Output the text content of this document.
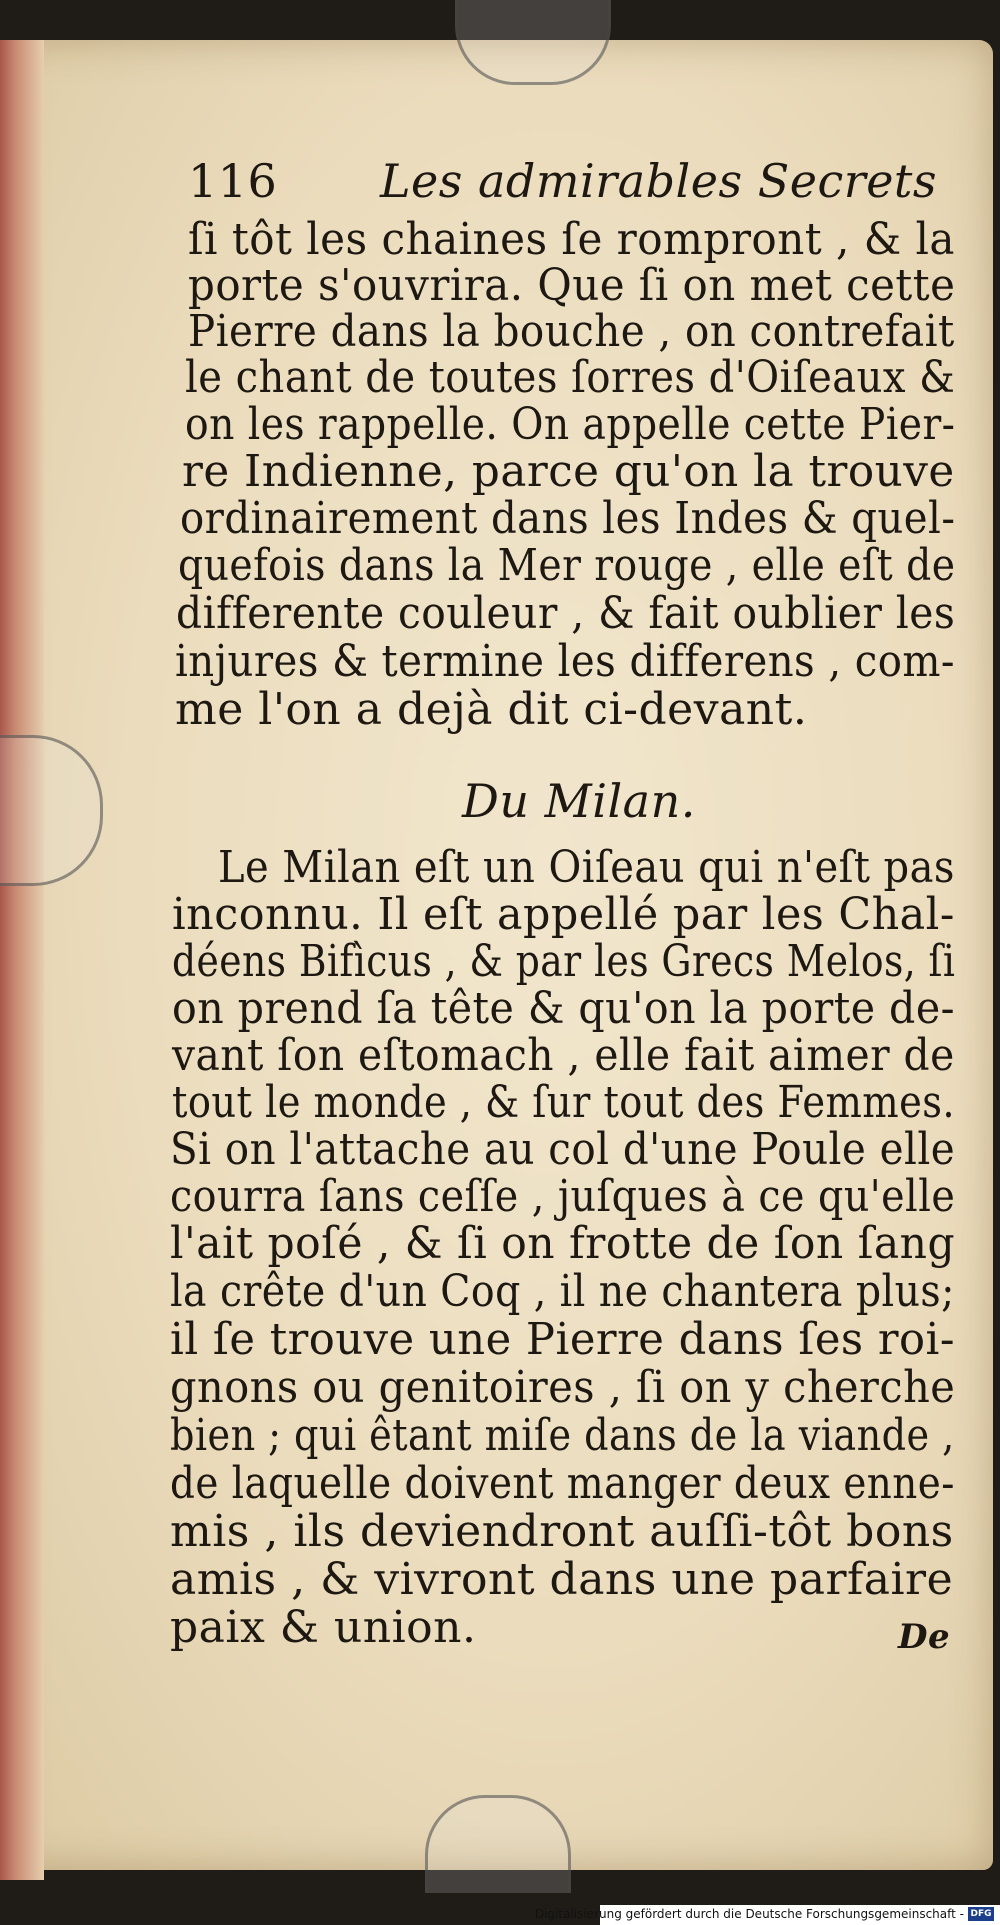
116 Les admirables Secrets
ſi tôt les chaines ſe rompront , & la
porte s'ouvrira. Que ſi on met cette
Pierre dans la bouche , on contrefait
le chant de toutes ſorres d'Oiſeaux &
on les rappelle. On appelle cette Pier-
re Indienne, parce qu'on la trouve
ordinairement dans les Indes & quel-
quefois dans la Mer rouge , elle eſt de
differente couleur , & fait oublier les
injures & termine les differens , com-
me l'on a dejà dit ci-devant.
Du Milan.
Le Milan eſt un Oiſeau qui n'eſt pas
inconnu. Il eſt appellé par les Chal-
déens Bifìcus , & par les Grecs Melos, ſi
on prend ſa tête & qu'on la porte de-
vant ſon eſtomach , elle fait aimer de
tout le monde , & ſur tout des Femmes.
Si on l'attache au col d'une Poule elle
courra ſans ceſſe , juſques à ce qu'elle
l'ait poſé , & ſi on frotte de ſon ſang
la crête d'un Coq , il ne chantera plus;
il ſe trouve une Pierre dans ſes roi-
gnons ou genitoires , ſi on y cherche
bien ; qui êtant miſe dans de la viande ,
de laquelle doivent manger deux enne-
mis , ils deviendront auſſi-tôt bons
amis , & vivront dans une parfaire
paix & union.	De
Digitalisierung gefördert durch die Deutsche Forschungsgemeinschaft - DFG
